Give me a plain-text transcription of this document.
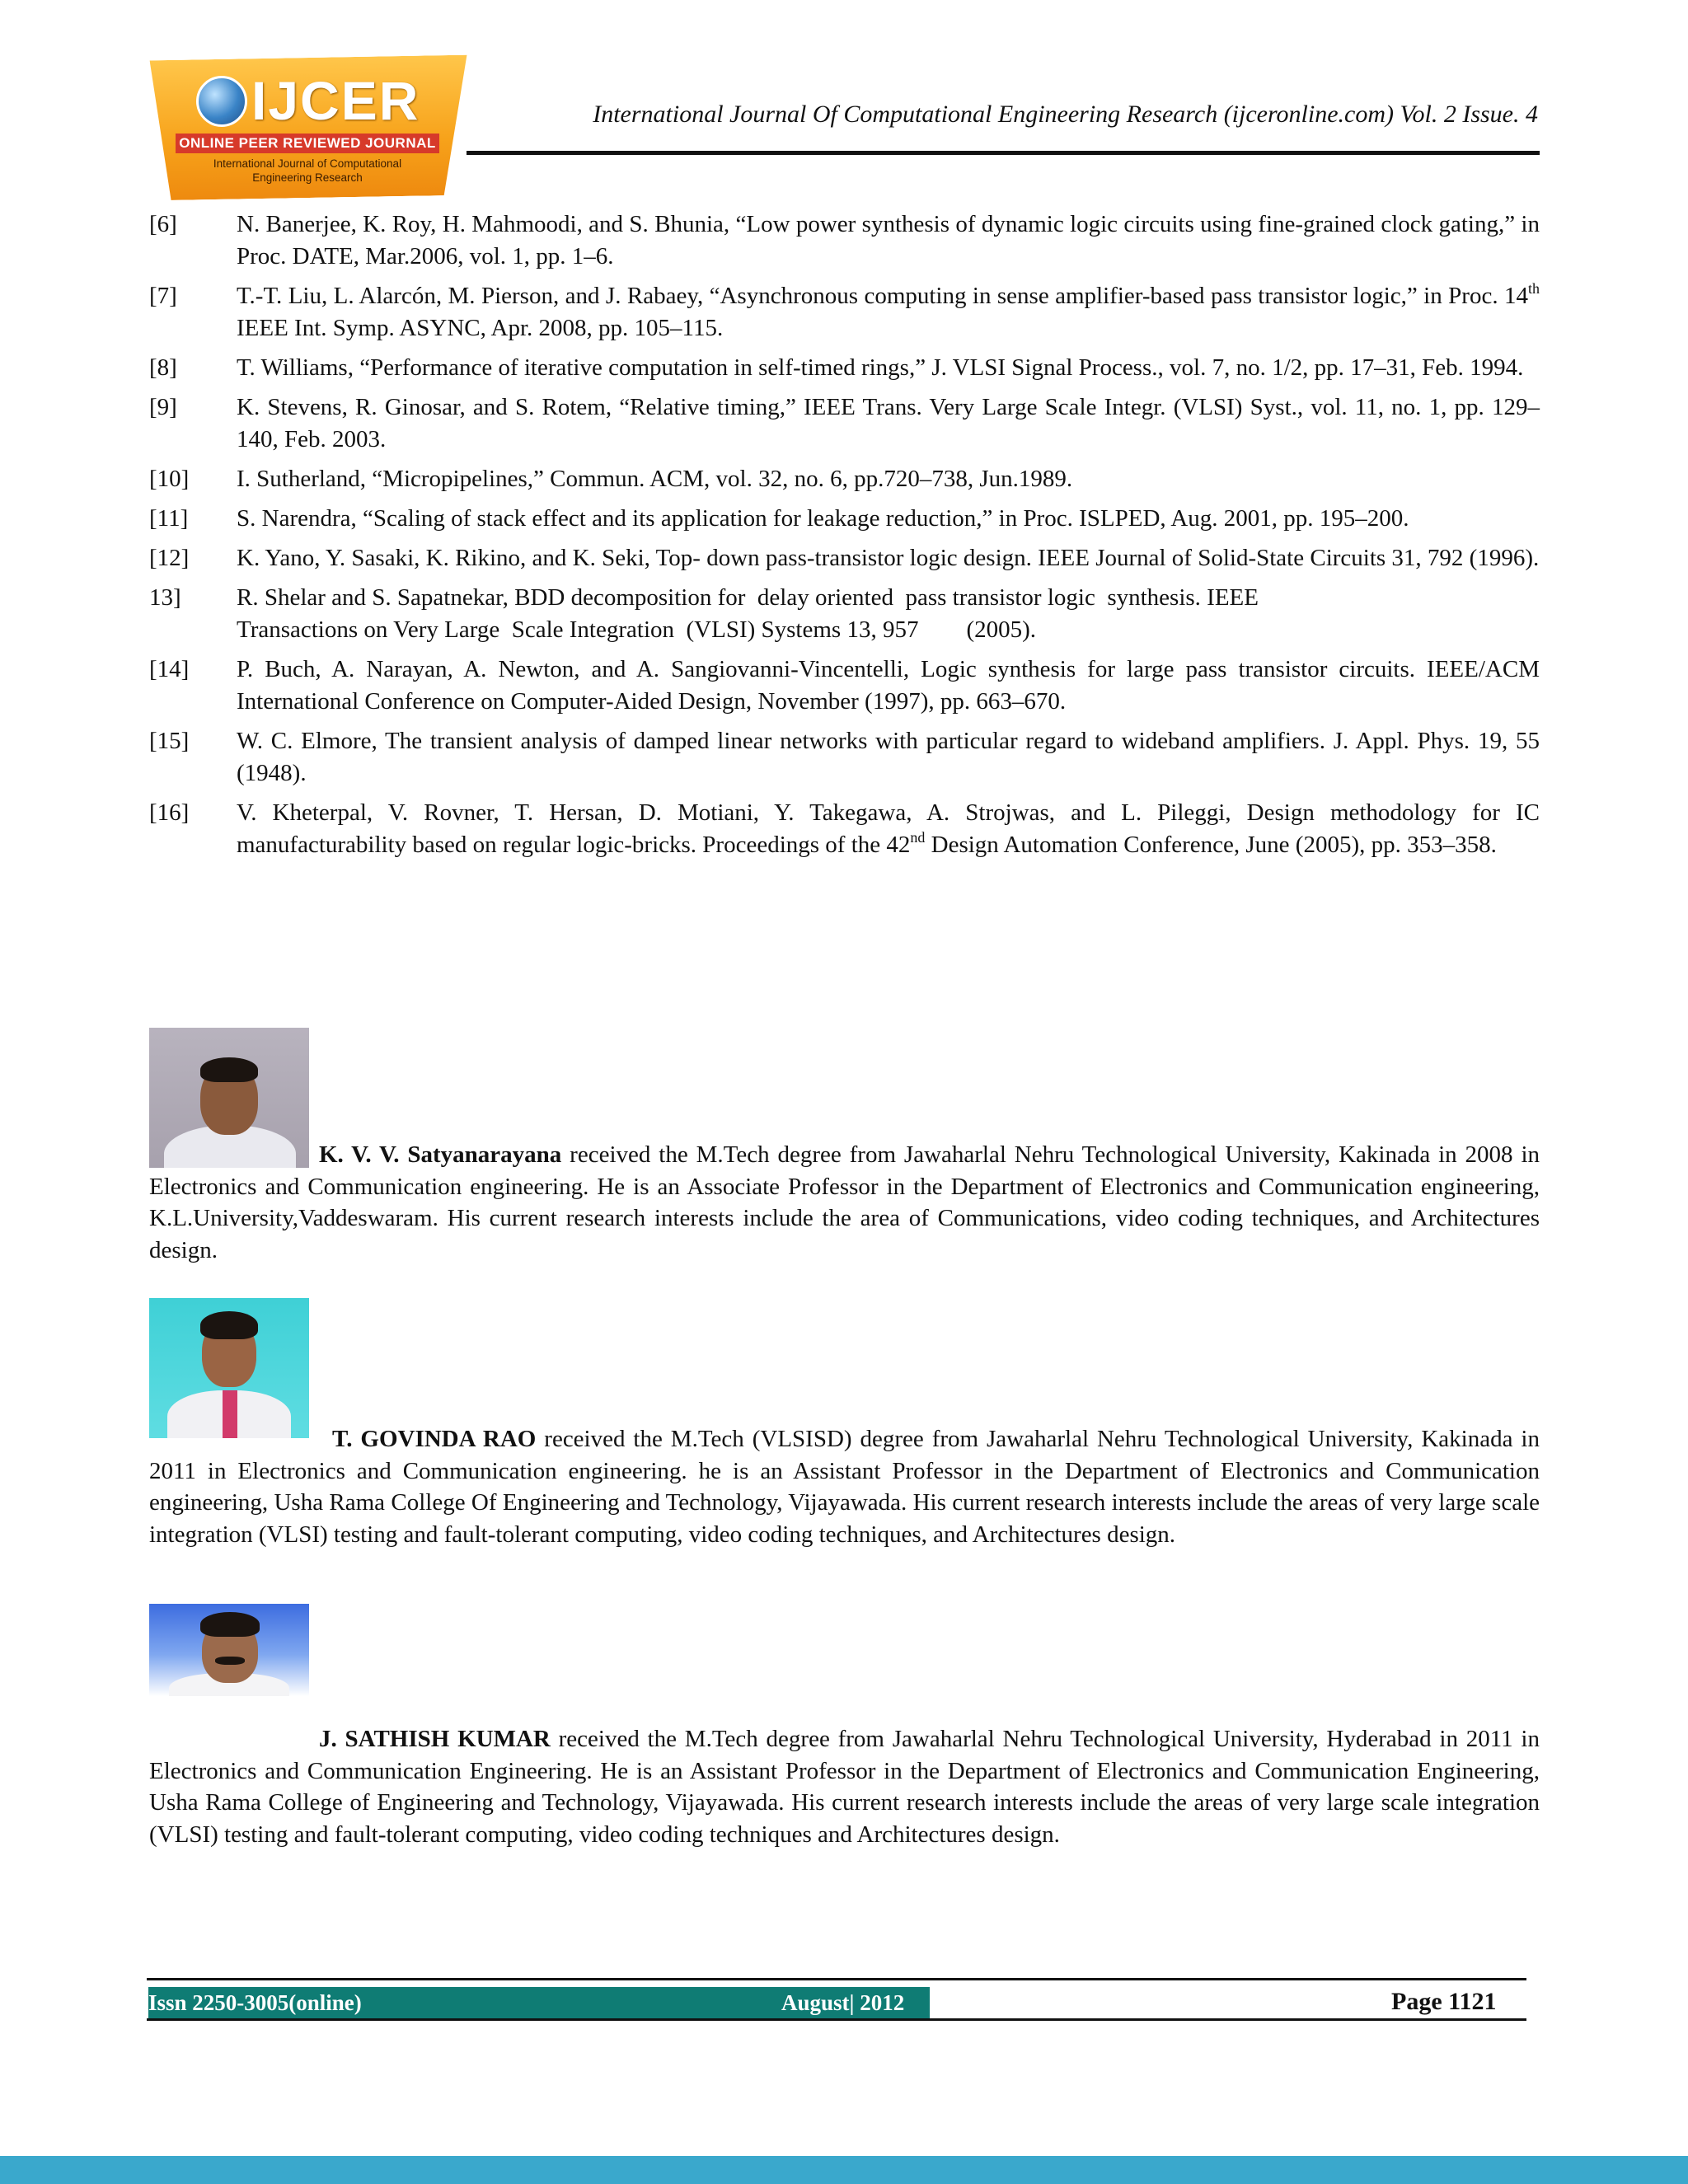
IJCER
ONLINE PEER REVIEWED JOURNAL
International Journal of Computational Engineering Research
International Journal Of Computational Engineering Research (ijceronline.com) Vol. 2 Issue. 4
[6]	N. Banerjee, K. Roy, H. Mahmoodi, and S. Bhunia, “Low power synthesis of dynamic logic circuits using fine-grained clock gating,” in Proc. DATE, Mar.2006, vol. 1, pp. 1–6.
[7]	T.-T. Liu, L. Alarcón, M. Pierson, and J. Rabaey, “Asynchronous computing in sense amplifier-based pass transistor logic,” in Proc. 14th IEEE Int. Symp. ASYNC, Apr. 2008, pp. 105–115.
[8]	T. Williams, “Performance of iterative computation in self-timed rings,” J. VLSI Signal Process., vol. 7, no. 1/2, pp. 17–31, Feb. 1994.
[9]	K. Stevens, R. Ginosar, and S. Rotem, “Relative timing,” IEEE Trans. Very Large Scale Integr. (VLSI) Syst., vol. 11, no. 1, pp. 129–140, Feb. 2003.
[10]	I. Sutherland, “Micropipelines,” Commun. ACM, vol. 32, no. 6, pp.720–738, Jun.1989.
[11]	S. Narendra, “Scaling of stack effect and its application for leakage reduction,” in Proc. ISLPED, Aug. 2001, pp. 195–200.
[12]	K. Yano, Y. Sasaki, K. Rikino, and K. Seki, Top- down pass-transistor logic design. IEEE Journal of Solid-State Circuits 31, 792 (1996).
13]	R. Shelar and S. Sapatnekar, BDD decomposition for  delay oriented  pass transistor logic  synthesis. IEEE
Transactions on Very Large  Scale Integration  (VLSI) Systems 13, 957        (2005).
[14]	P. Buch, A. Narayan, A. Newton, and A. Sangiovanni-Vincentelli, Logic synthesis for large pass transistor circuits. IEEE/ACM International Conference on Computer-Aided Design, November (1997), pp. 663–670.
[15]	W. C. Elmore, The transient analysis of damped linear networks with particular regard to wideband amplifiers. J. Appl. Phys. 19, 55 (1948).
[16]	V. Kheterpal, V. Rovner, T. Hersan, D. Motiani, Y. Takegawa, A. Strojwas, and L. Pileggi, Design methodology for IC manufacturability based on regular logic-bricks. Proceedings of the 42nd Design Automation Conference, June (2005), pp. 353–358.
K. V. V. Satyanarayana received the M.Tech degree from Jawaharlal Nehru Technological University, Kakinada in 2008 in Electronics and Communication engineering. He is an Associate Professor in the Department of Electronics and Communication engineering, K.L.University,Vaddeswaram. His current research interests include the area of Communications, video coding techniques, and Architectures design.
T. GOVINDA RAO received the M.Tech (VLSISD) degree from Jawaharlal Nehru Technological University, Kakinada in 2011 in Electronics and Communication engineering. he is an Assistant Professor in the Department of Electronics and Communication engineering, Usha Rama College Of Engineering and Technology, Vijayawada. His current research interests include the areas of very large scale integration (VLSI) testing and fault-tolerant computing, video coding techniques, and Architectures design.
J. SATHISH KUMAR received the M.Tech degree from Jawaharlal Nehru Technological University, Hyderabad in 2011 in Electronics and Communication Engineering. He is an Assistant Professor in the Department of Electronics and Communication Engineering, Usha Rama College of Engineering and Technology, Vijayawada. His current research interests include the areas of very large scale integration (VLSI) testing and fault-tolerant computing, video coding techniques and Architectures design.
Issn 2250-3005(online)	August| 2012	Page 1121
